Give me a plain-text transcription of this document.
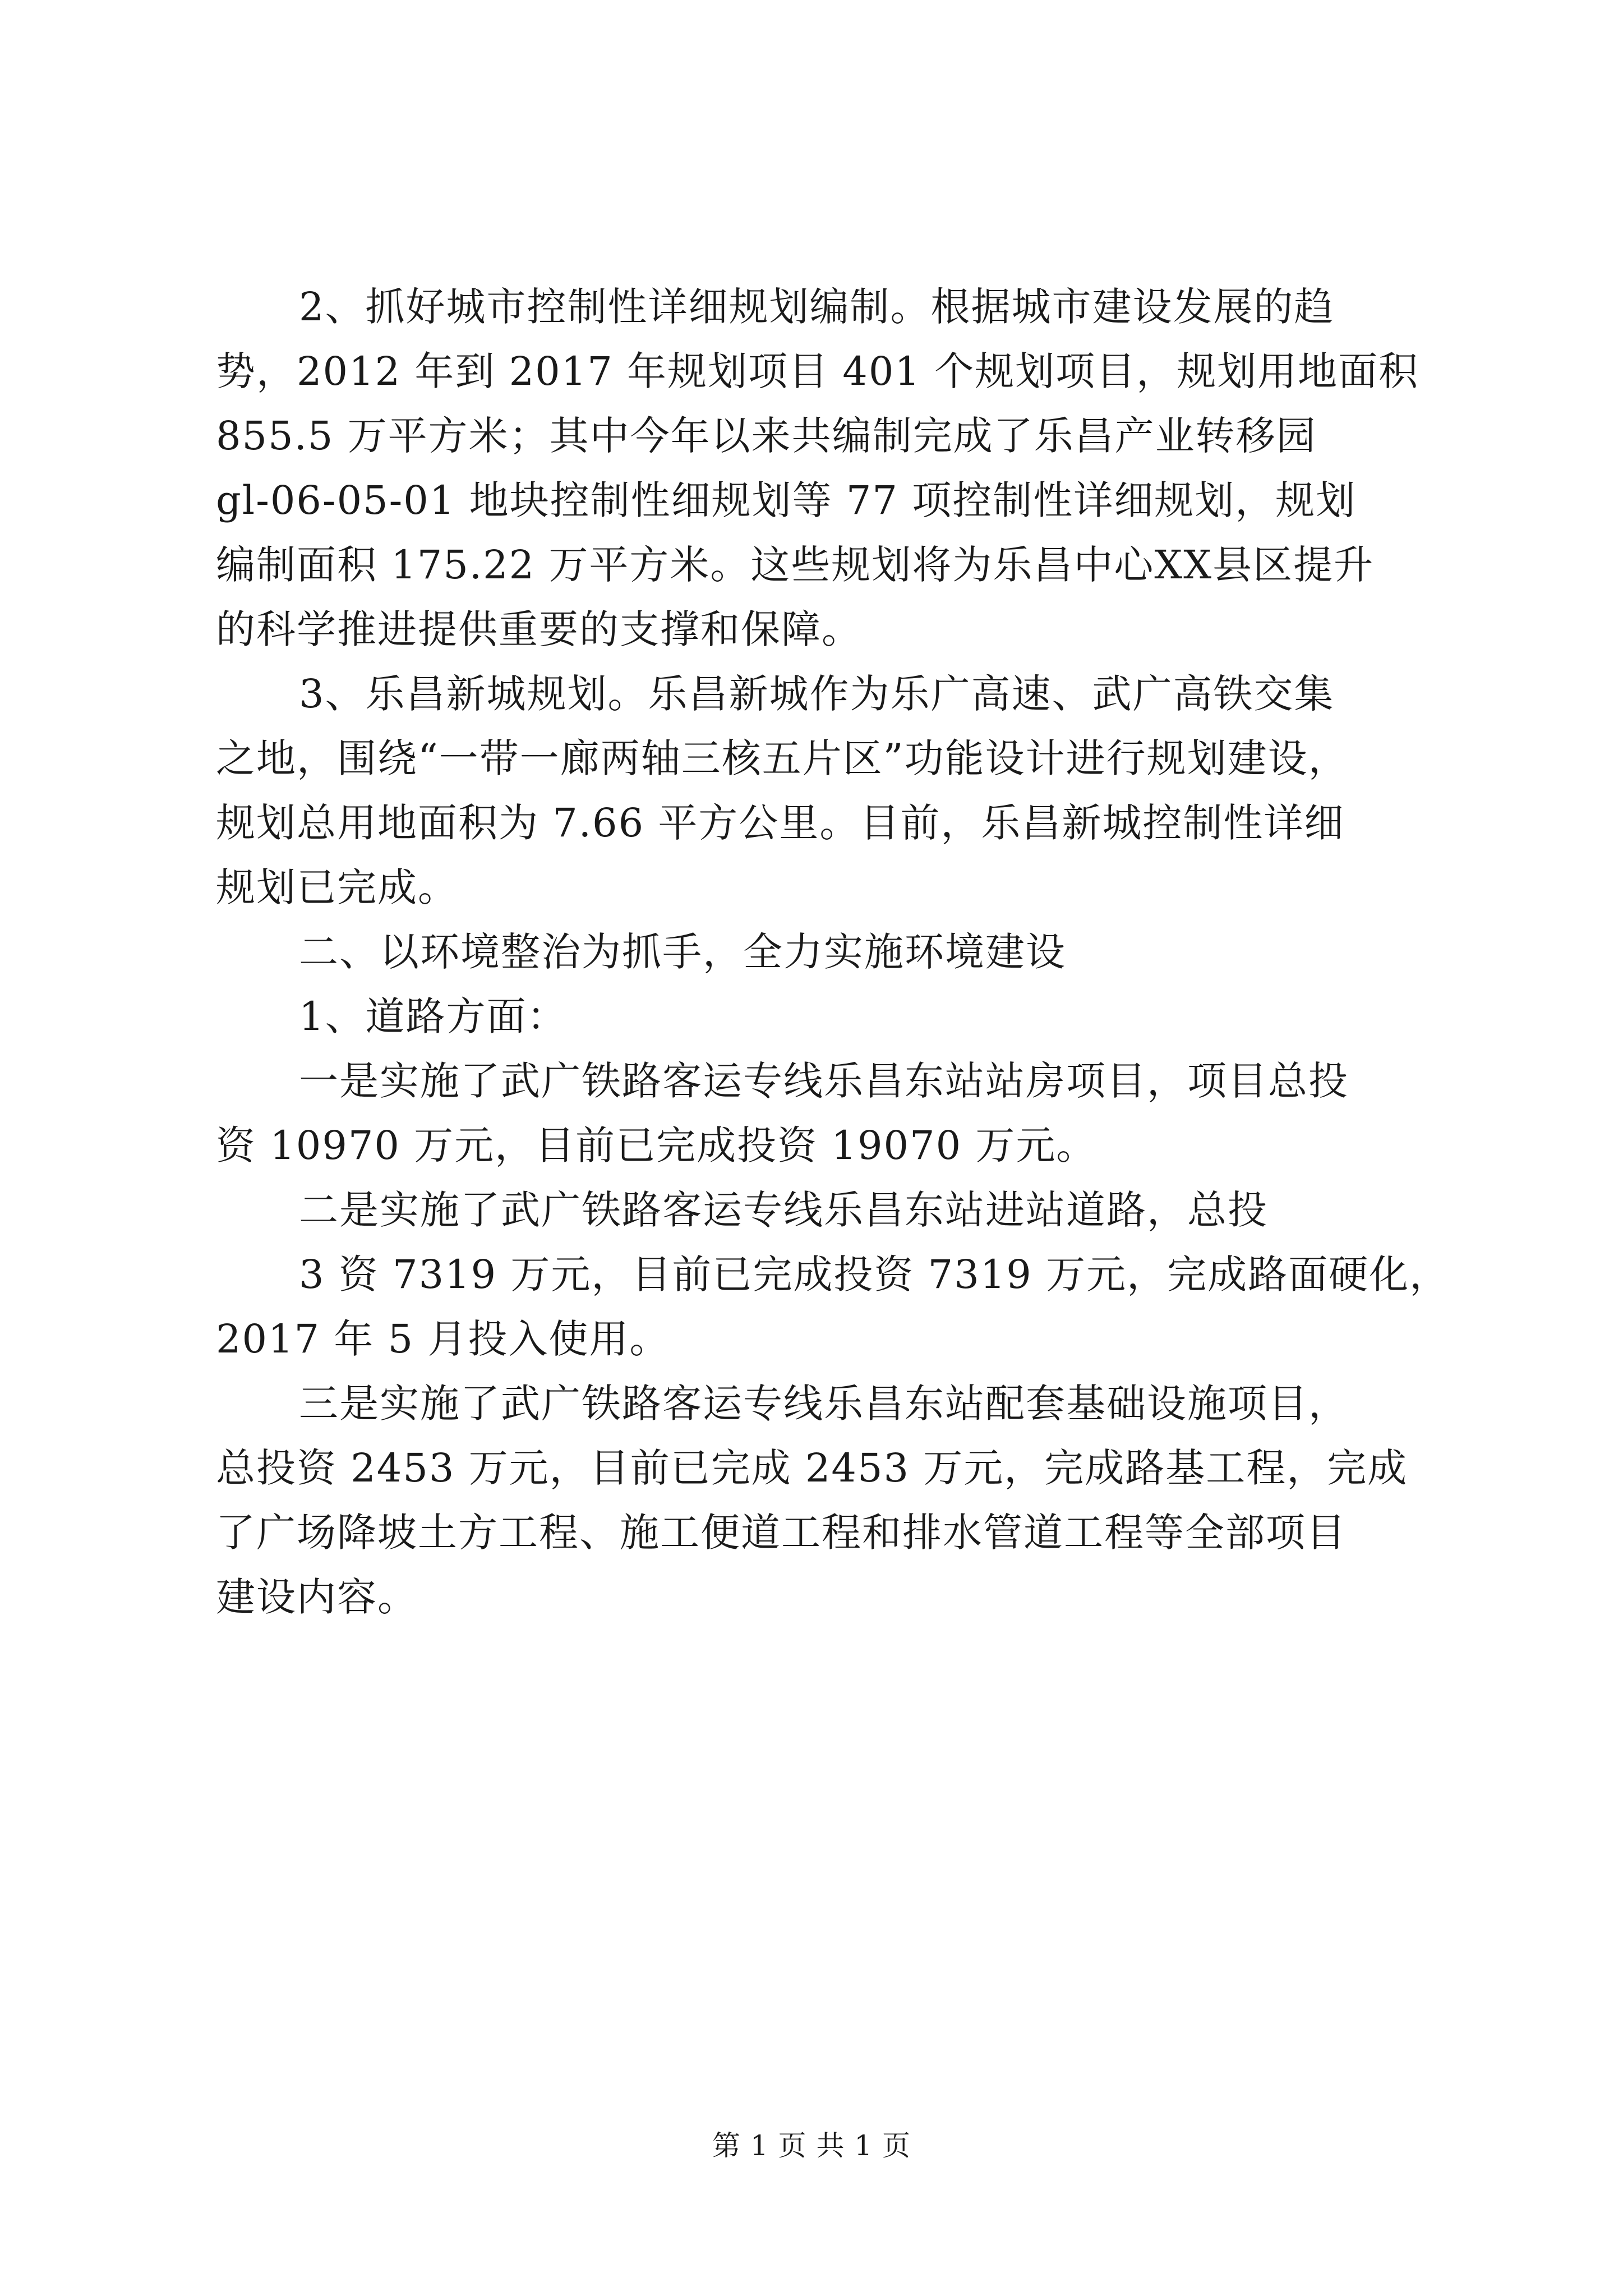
2、抓好城市控制性详细规划编制。根据城市建设发展的趋
势，2012 年到 2017 年规划项目 401 个规划项目，规划用地面积
855.5 万平方米；其中今年以来共编制完成了乐昌产业转移园
gl-06-05-01 地块控制性细规划等 77 项控制性详细规划，规划
编制面积 175.22 万平方米。这些规划将为乐昌中心XX县区提升
的科学推进提供重要的支撑和保障。
3、乐昌新城规划。乐昌新城作为乐广高速、武广高铁交集
之地，围绕“一带一廊两轴三核五片区”功能设计进行规划建设，
规划总用地面积为 7.66 平方公里。目前，乐昌新城控制性详细
规划已完成。
二、以环境整治为抓手，全力实施环境建设
1、道路方面：
一是实施了武广铁路客运专线乐昌东站站房项目，项目总投
资 10970 万元，目前已完成投资 19070 万元。
二是实施了武广铁路客运专线乐昌东站进站道路，总投
3 资 7319 万元，目前已完成投资 7319 万元，完成路面硬化，
2017 年 5 月投入使用。
三是实施了武广铁路客运专线乐昌东站配套基础设施项目，
总投资 2453 万元，目前已完成 2453 万元，完成路基工程，完成
了广场降坡土方工程、施工便道工程和排水管道工程等全部项目
建设内容。
第 1 页 共 1 页
